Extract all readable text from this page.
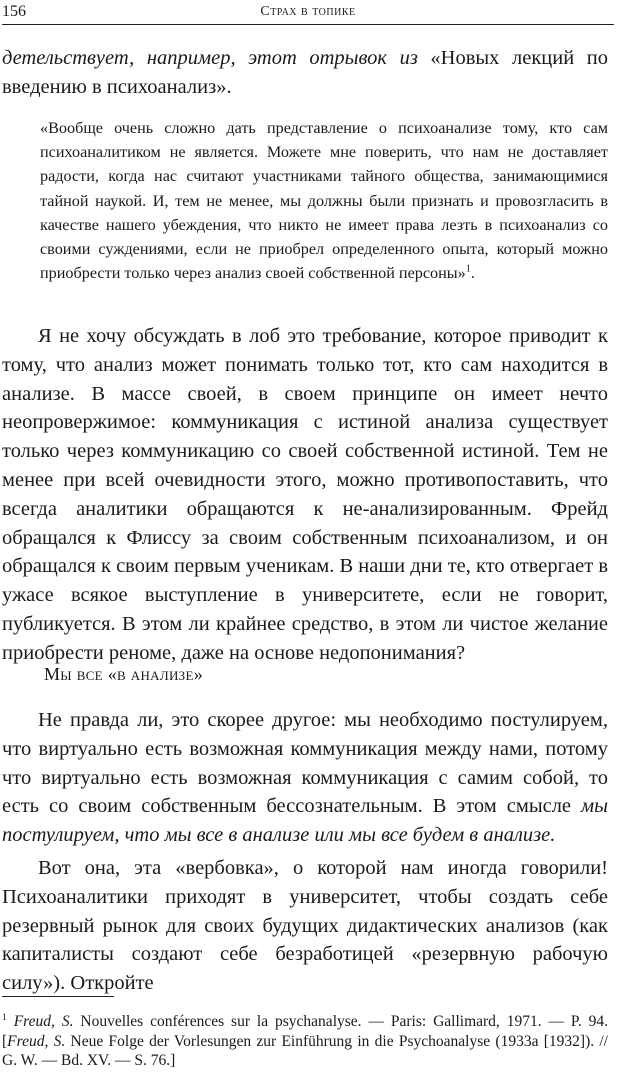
156	Страх в топике

детельствует, например, этот отрывок из «Новых лекций по введению в психоанализ».

«Вообще очень сложно дать представление о психоанализе тому, кто сам психоаналитиком не является. Можете мне поверить, что нам не доставляет радости, когда нас считают участниками тайного общества, занимающимися тайной наукой. И, тем не менее, мы должны были признать и провозгласить в качестве нашего убеждения, что никто не имеет права лезть в психоанализ со своими суждениями, если не приобрел определенного опыта, который можно приобрести только через анализ своей собственной персоны»$^1$.

Я не хочу обсуждать в лоб это требование, которое приводит к тому, что анализ может понимать только тот, кто сам находится в анализе. В массе своей, в своем принципе он имеет нечто неопровержимое: коммуникация с истиной анализа существует только через коммуникацию со своей собственной истиной. Тем не менее при всей очевидности этого, можно противопоставить, что всегда аналитики обращаются к не-анализированным. Фрейд обращался к Флиссу за своим собственным психоанализом, и он обращался к своим первым ученикам. В наши дни те, кто отвергает в ужасе всякое выступление в университете, если не говорит, публикуется. В этом ли крайнее средство, в этом ли чистое желание приобрести реноме, даже на основе недопонимания?

Мы все «в анализе»

Не правда ли, это скорее другое: мы необходимо постулируем, что виртуально есть возможная коммуникация между нами, потому что виртуально есть возможная коммуникация с самим собой, то есть со своим собственным бессознательным. В этом смысле мы постулируем, что мы все в анализе или мы все будем в анализе.

Вот она, эта «вербовка», о которой нам иногда говорили! Психоаналитики приходят в университет, чтобы создать себе резервный рынок для своих будущих дидактических анализов (как капиталисты создают себе безработицей «резервную рабочую силу»). Откройте

$^1$ Freud, S. Nouvelles conférences sur la psychanalyse. — Paris: Gallimard, 1971. — P. 94.[Freud, S. Neue Folge der Vorlesungen zur Einführung in die Psychoanalyse (1933a [1932]). // G. W. — Bd. XV. — S. 76.]
